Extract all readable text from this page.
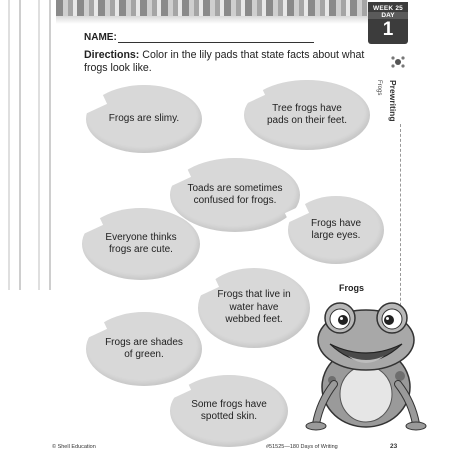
WEEK 25
DAY
1
Prewriting
Frogs
NAME:
Directions: Color in the lily pads that state facts about what frogs look like.
Frogs are slimy.
Tree frogs have pads on their feet.
Toads are sometimes confused for frogs.
Everyone thinks frogs are cute.
Frogs have large eyes.
Frogs that live in water have webbed feet.
Frogs are shades of green.
Some frogs have spotted skin.
Frogs
© Shell Education	#51525—180 Days of Writing	23
